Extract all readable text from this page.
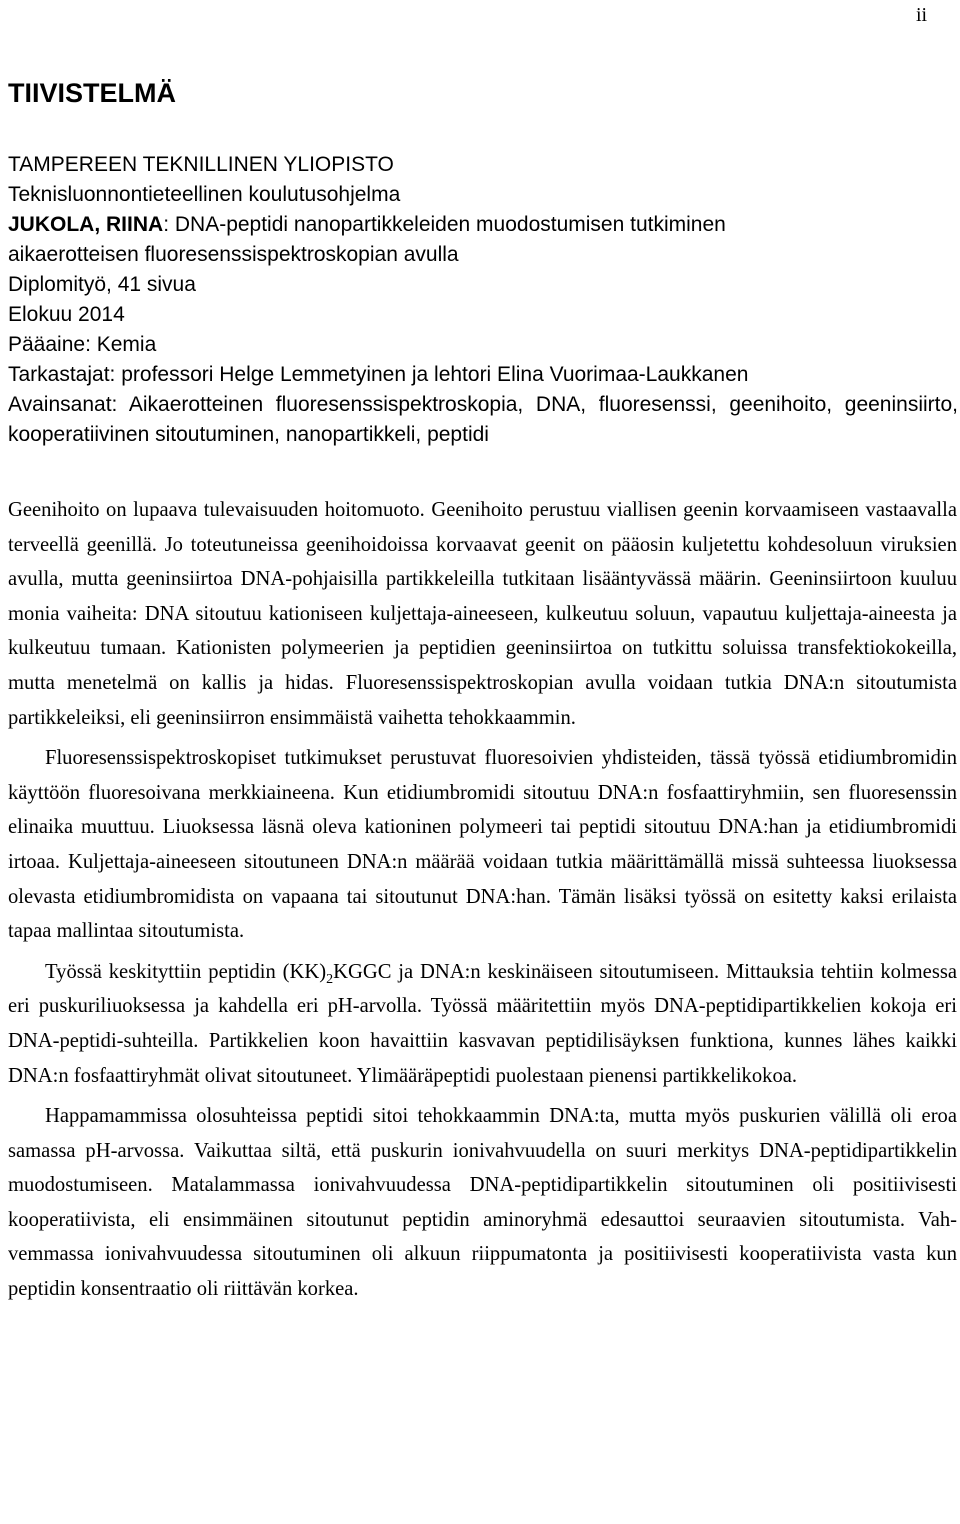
ii
TIIVISTELMÄ
TAMPEREEN TEKNILLINEN YLIOPISTO
Teknisluonnontieteellinen koulutusohjelma
JUKOLA, RIINA: DNA-peptidi nanopartikkeleiden muodostumisen tutkiminen
aikaerotteisen fluoresenssispektroskopian avulla
Diplomityö, 41 sivua
Elokuu 2014
Pääaine: Kemia
Tarkastajat: professori Helge Lemmetyinen ja lehtori Elina Vuorimaa-Laukkanen
Avainsanat: Aikaerotteinen fluoresenssispektroskopia, DNA, fluoresenssi, geenihoito, geeninsiirto, kooperatiivinen sitoutuminen, nanopartikkeli, peptidi

Geenihoito on lupaava tulevaisuuden hoitomuoto. Geenihoito perustuu viallisen geenin korvaamiseen vastaavalla terveellä geenillä. Jo toteutuneissa geenihoidoissa korvaavat geenit on pääosin kuljetettu kohdesoluun viruksien avulla, mutta geeninsiirtoa DNA-pohjaisilla partikkeleilla tutkitaan lisääntyvässä määrin. Geeninsiirtoon kuuluu monia vaiheita: DNA sitoutuu kationiseen kuljettaja-aineeseen, kulkeutuu soluun, vapautuu kuljettaja-aineesta ja kulkeutuu tumaan. Kationisten polymeerien ja peptidien geeninsiirtoa on tutkittu soluissa transfektiokokeilla, mutta menetelmä on kallis ja hidas. Fluoresenssispektroskopian avulla voidaan tutkia DNA:n sitoutumista partikkeleiksi, eli geeninsiirron ensimmäistä vaihetta tehokkaammin.

Fluoresenssispektroskopiset tutkimukset perustuvat fluoresoivien yhdisteiden, tässä työssä etidiumbromidin käyttöön fluoresoivana merkkiaineena. Kun etidiumbromidi sitoutuu DNA:n fosfaattiryhmiin, sen fluoresenssin elinaika muuttuu. Liuoksessa läsnä oleva kationinen polymeeri tai peptidi sitoutuu DNA:han ja etidiumbromidi irtoaa. Kuljettaja-aineeseen sitoutuneen DNA:n määrää voidaan tutkia määrittämällä missä suhteessa liuoksessa olevasta etidiumbromidista on vapaana tai sitoutunut DNA:han. Tämän lisäksi työssä on esitetty kaksi erilaista tapaa mallintaa sitoutumista.

Työssä keskityttiin peptidin $(KK)_2KGGC$ ja DNA:n keskinäiseen sitoutumiseen. Mittauksia tehtiin kolmessa eri puskuriliuoksessa ja kahdella eri pH-arvolla. Työssä määritettiin myös DNA-peptidipartikkelien kokoja eri DNA-peptidi-suhteilla. Partikkelien koon havaittiin kasvavan peptidilisäyksen funktiona, kunnes lähes kaikki DNA:n fosfaattiryhmät olivat sitoutuneet. Ylimääräpeptidi puolestaan pienensi partikkelikokoa.

Happamammissa olosuhteissa peptidi sitoi tehokkaammin DNA:ta, mutta myös puskurien välillä oli eroa samassa pH-arvossa. Vaikuttaa siltä, että puskurin ionivahvuudella on suuri merkitys DNA-peptidipartikkelin muodostumiseen. Matalammassa ionivahvuudessa DNA-peptidipartikkelin sitoutuminen oli positiivisesti kooperatiivista, eli ensimmäinen sitoutunut peptidin aminoryhmä edesauttoi seuraavien sitoutumista. Vahvemmassa ionivahvuudessa sitoutuminen oli alkuun riippumatonta ja positiivisesti kooperatiivista vasta kun peptidin konsentraatio oli riittävän korkea.
